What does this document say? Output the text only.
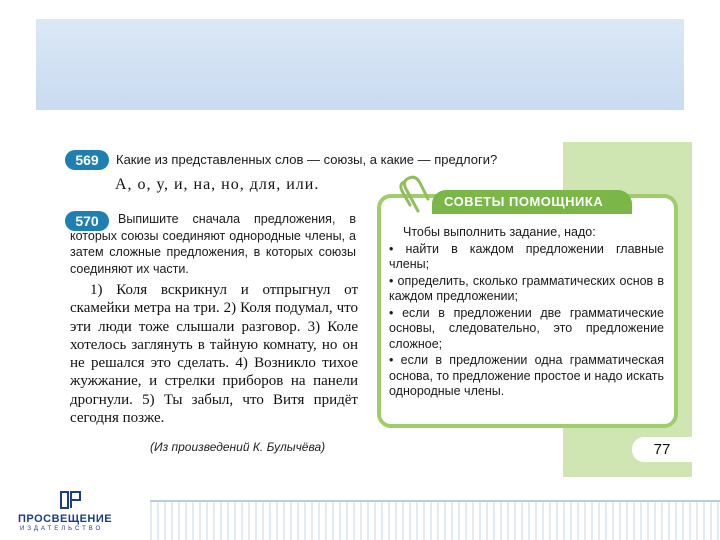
569	Какие из представленных слов — союзы, а какие — предлоги?
А, о, у, и, на, но, для, или.
570	Выпишите сначала предложения, в которых союзы соединяют однородные члены, а затем сложные предложения, в которых союзы соединяют их части.
1) Коля вскрикнул и отпрыгнул от скамейки метра на три. 2) Коля подумал, что эти люди тоже слышали разговор. 3) Коле хотелось заглянуть в тайную комнату, но он не решался это сделать. 4) Возникло тихое жужжание, и стрелки приборов на панели дрогнули. 5) Ты забыл, что Витя придёт сегодня позже.
(Из произведений К. Булычёва)
СОВЕТЫ ПОМОЩНИКА
Чтобы выполнить задание, надо:
• найти в каждом предложении главные члены;
• определить, сколько грамматических основ в каждом предложении;
• если в предложении две грамматические основы, следовательно, это предложение сложное;
• если в предложении одна грамматическая основа, то предложение простое и надо искать однородные члены.
77
ПРОСВЕЩЕНИЕ
ИЗДАТЕЛЬСТВО
